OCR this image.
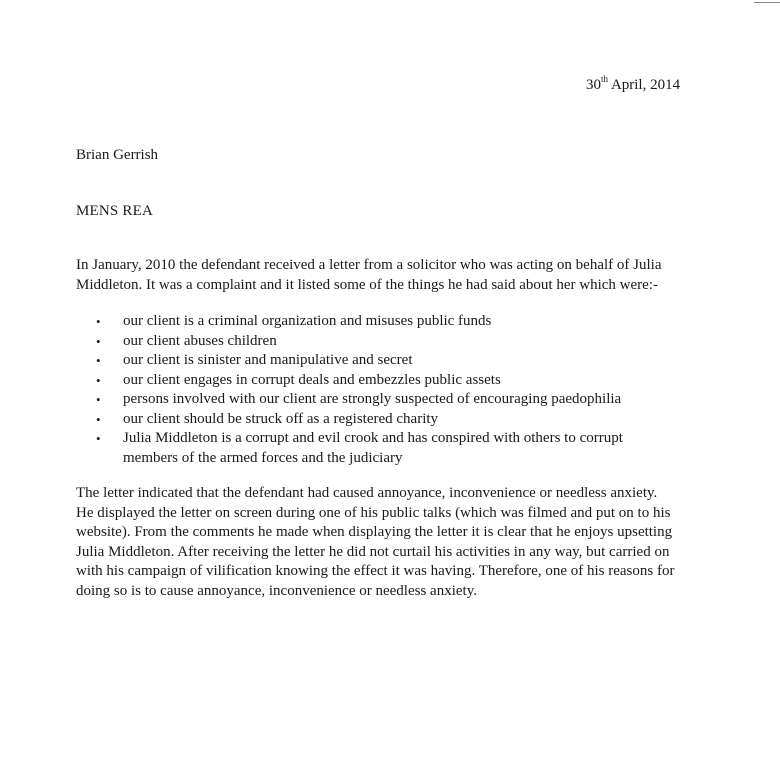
30th April, 2014
Brian Gerrish
MENS REA
In January, 2010 the defendant received a letter from a solicitor who was acting on behalf of Julia
Middleton. It was a complaint and it listed some of the things he had said about her which were:-
• our client is a criminal organization and misuses public funds
• our client abuses children
• our client is sinister and manipulative and secret
• our client engages in corrupt deals and embezzles public assets
• persons involved with our client are strongly suspected of encouraging paedophilia
• our client should be struck off as a registered charity
• Julia Middleton is a corrupt and evil crook and has conspired with others to corrupt
members of the armed forces and the judiciary
The letter indicated that the defendant had caused annoyance, inconvenience or needless anxiety.
He displayed the letter on screen during one of his public talks (which was filmed and put on to his
website). From the comments he made when displaying the letter it is clear that he enjoys upsetting
Julia Middleton. After receiving the letter he did not curtail his activities in any way, but carried on
with his campaign of vilification knowing the effect it was having. Therefore, one of his reasons for
doing so is to cause annoyance, inconvenience or needless anxiety.
